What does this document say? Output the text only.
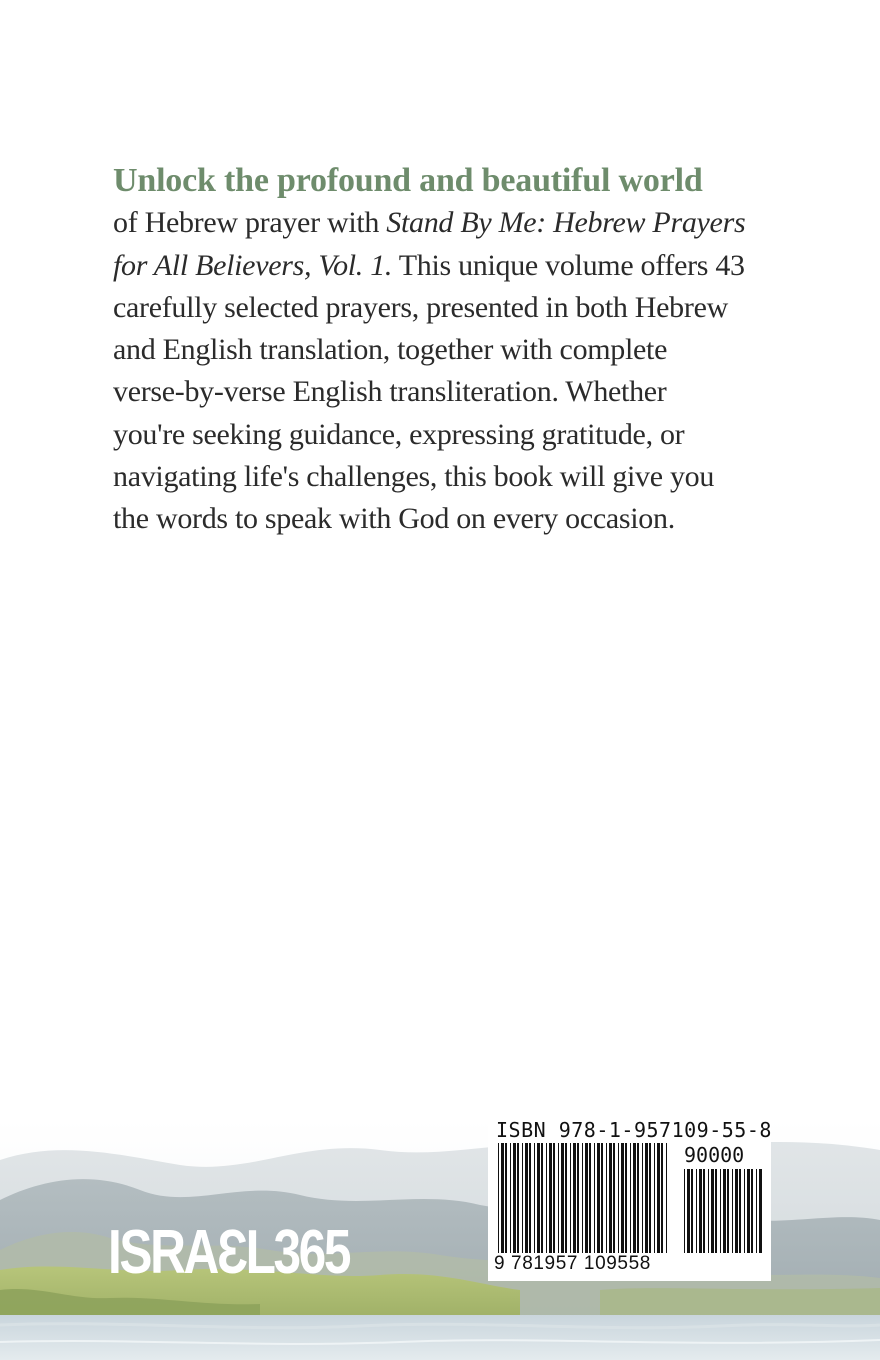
Unlock the profound and beautiful world
of Hebrew prayer with Stand By Me: Hebrew Prayers
for All Believers, Vol. 1. This unique volume offers 43
carefully selected prayers, presented in both Hebrew
and English translation, together with complete
verse-by-verse English transliteration. Whether
you're seeking guidance, expressing gratitude, or
navigating life's challenges, this book will give you
the words to speak with God on every occasion.
ISRAƐL365
ISBN 978-1-957109-55-8
90000
9 781957 109558
